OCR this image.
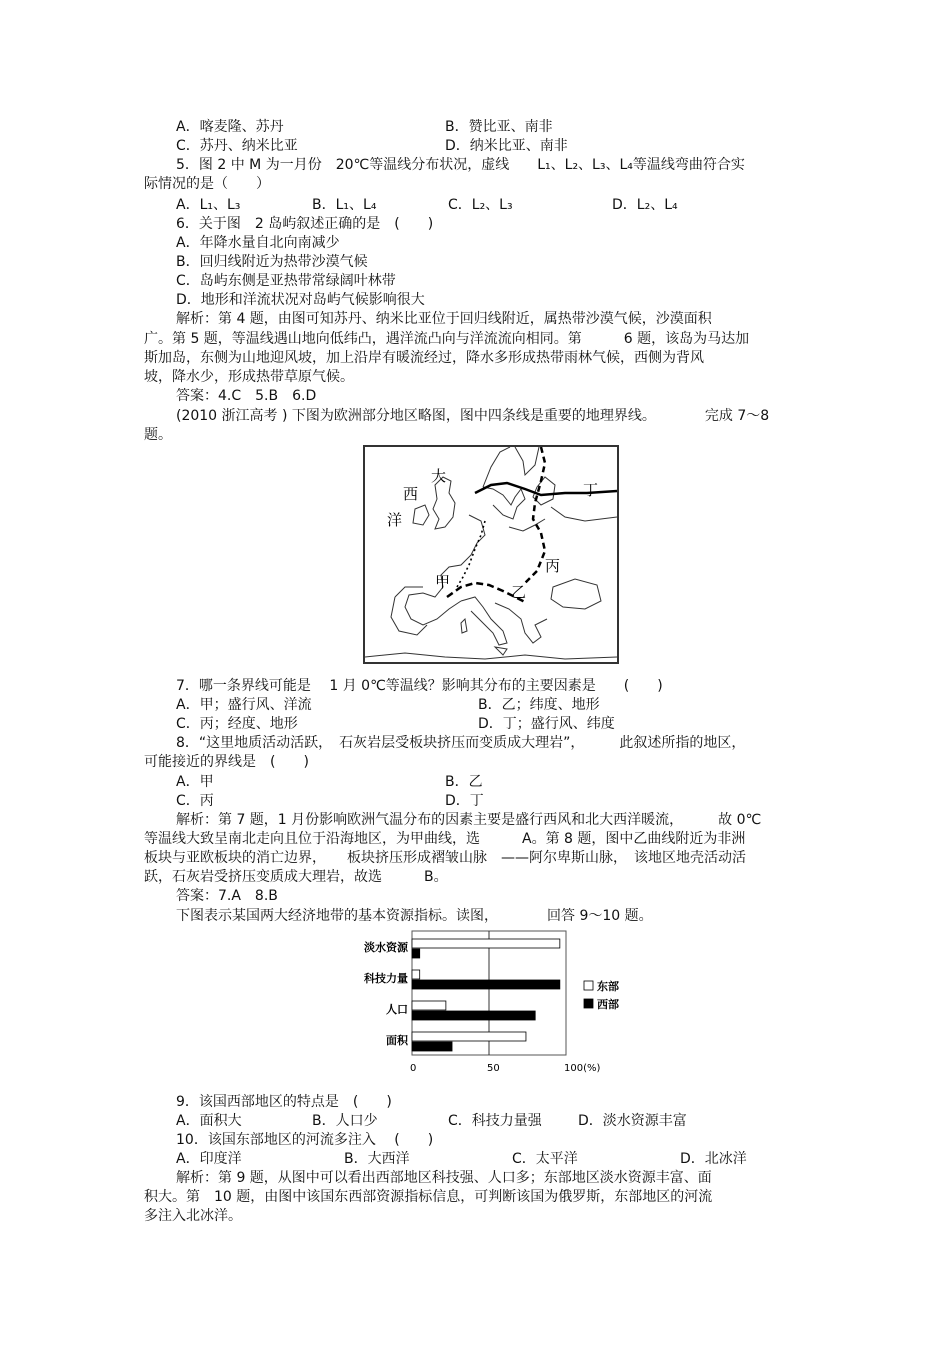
A．喀麦隆、苏丹	B．赞比亚、南非
C．苏丹、纳米比亚	D．纳米比亚、南非
5．图 2 中 M 为一月份　20℃等温线分布状况，虚线　　L₁、L₂、L₃、L₄等温线弯曲符合实
际情况的是（　　）
A．L₁、L₃	B．L₁、L₄	C．L₂、L₃	D．L₂、L₄
6．关于图　2 岛屿叙述正确的是　(　　)
A．年降水量自北向南减少
B．回归线附近为热带沙漠气候
C．岛屿东侧是亚热带常绿阔叶林带
D．地形和洋流状况对岛屿气候影响很大
解析：第 4 题，由图可知苏丹、纳米比亚位于回归线附近，属热带沙漠气候，沙漠面积
广。第 5 题，等温线遇山地向低纬凸，遇洋流凸向与洋流流向相同。第　　　6 题，该岛为马达加
斯加岛，东侧为山地迎风坡，加上沿岸有暖流经过，降水多形成热带雨林气候，西侧为背风
坡，降水少，形成热带草原气候。
答案：4.C　5.B　6.D
(2010 浙江高考 ) 下图为欧洲部分地区略图，图中四条线是重要的地理界线。　　　　完成 7～8
题。
大
西
洋
甲
乙
丙
丁
7．哪一条界线可能是　 1 月 0℃等温线？影响其分布的主要因素是　　(　　)
A．甲；盛行风、洋流	B．乙；纬度、地形
C．丙；经度、地形	D．丁；盛行风、纬度
8．“这里地质活动活跃，　石灰岩层受板块挤压而变质成大理岩”，　　　此叙述所指的地区，
可能接近的界线是　(　　)
A．甲	B．乙
C．丙	D．丁
解析：第 7 题，1 月份影响欧洲气温分布的因素主要是盛行西风和北大西洋暖流，　　　故 0℃
等温线大致呈南北走向且位于沿海地区，为甲曲线，选　　　A。第 8 题，图中乙曲线附近为非洲
板块与亚欧板块的消亡边界，　　板块挤压形成褶皱山脉　——阿尔卑斯山脉，　该地区地壳活动活
跃，石灰岩受挤压变质成大理岩，故选　　　B。
答案：7.A　8.B
下图表示某国两大经济地带的基本资源指标。读图，　　　　回答 9～10 题。
淡水资源
科技力量
人口
面积
0	50	100(%)
东部
西部
9．该国西部地区的特点是　(　　)
A．面积大	B．人口少	C．科技力量强	D．淡水资源丰富
10．该国东部地区的河流多注入　 (　　)
A．印度洋	B．大西洋	C．太平洋	D．北冰洋
解析：第 9 题，从图中可以看出西部地区科技强、人口多；东部地区淡水资源丰富、面
积大。第　10 题，由图中该国东西部资源指标信息，可判断该国为俄罗斯，东部地区的河流
多注入北冰洋。
